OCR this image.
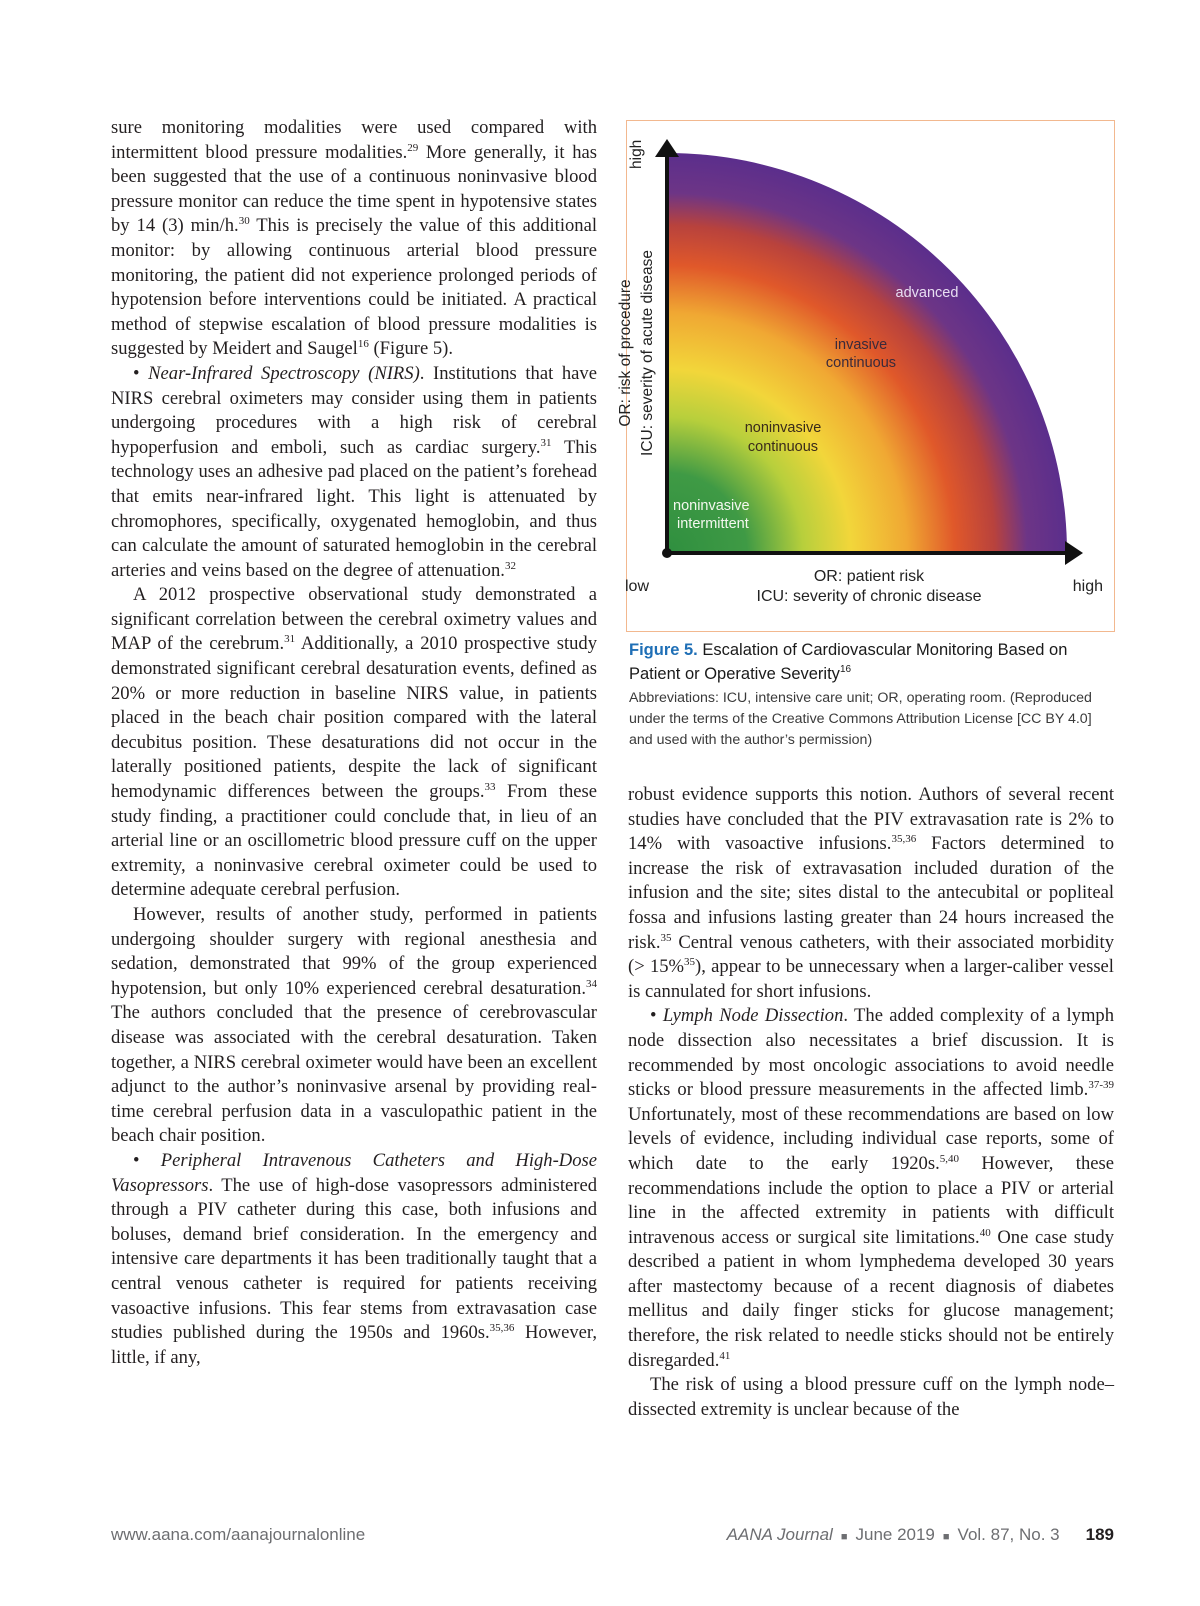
sure monitoring modalities were used compared with intermittent blood pressure modalities.$^{29}$ More generally, it has been suggested that the use of a continuous noninvasive blood pressure monitor can reduce the time spent in hypotensive states by 14 (3) min/h.$^{30}$ This is precisely the value of this additional monitor: by allowing continuous arterial blood pressure monitoring, the patient did not experience prolonged periods of hypotension before interventions could be initiated. A practical method of stepwise escalation of blood pressure modalities is suggested by Meidert and Saugel$^{16}$ (Figure 5).

• Near-Infrared Spectroscopy (NIRS). Institutions that have NIRS cerebral oximeters may consider using them in patients undergoing procedures with a high risk of cerebral hypoperfusion and emboli, such as cardiac surgery.$^{31}$ This technology uses an adhesive pad placed on the patient’s forehead that emits near-infrared light. This light is attenuated by chromophores, specifically, oxygenated hemoglobin, and thus can calculate the amount of saturated hemoglobin in the cerebral arteries and veins based on the degree of attenuation.$^{32}$

A 2012 prospective observational study demonstrated a significant correlation between the cerebral oximetry values and MAP of the cerebrum.$^{31}$ Additionally, a 2010 prospective study demonstrated significant cerebral desaturation events, defined as 20% or more reduction in baseline NIRS value, in patients placed in the beach chair position compared with the lateral decubitus position. These desaturations did not occur in the laterally positioned patients, despite the lack of significant hemodynamic differences between the groups.$^{33}$ From these study finding, a practitioner could conclude that, in lieu of an arterial line or an oscillometric blood pressure cuff on the upper extremity, a noninvasive cerebral oximeter could be used to determine adequate cerebral perfusion.

However, results of another study, performed in patients undergoing shoulder surgery with regional anesthesia and sedation, demonstrated that 99% of the group experienced hypotension, but only 10% experienced cerebral desaturation.$^{34}$ The authors concluded that the presence of cerebrovascular disease was associated with the cerebral desaturation. Taken together, a NIRS cerebral oximeter would have been an excellent adjunct to the author’s noninvasive arsenal by providing real-time cerebral perfusion data in a vasculopathic patient in the beach chair position.

• Peripheral Intravenous Catheters and High-Dose Vasopressors. The use of high-dose vasopressors administered through a PIV catheter during this case, both infusions and boluses, demand brief consideration. In the emergency and intensive care departments it has been traditionally taught that a central venous catheter is required for patients receiving vasoactive infusions. This fear stems from extravasation case studies published during the 1950s and 1960s.$^{35,36}$ However, little, if any,

high
OR: risk of procedure ICU: severity of acute disease
low	high
OR: patient risk
ICU: severity of chronic disease
advanced
invasive
continuous
noninvasive
continuous
noninvasive
intermittent
Figure 5. Escalation of Cardiovascular Monitoring Based on Patient or Operative Severity$^{16}$
Abbreviations: ICU, intensive care unit; OR, operating room. (Reproduced under the terms of the Creative Commons Attribution License [CC BY 4.0] and used with the author’s permission)

robust evidence supports this notion. Authors of several recent studies have concluded that the PIV extravasation rate is 2% to 14% with vasoactive infusions.$^{35,36}$ Factors determined to increase the risk of extravasation included duration of the infusion and the site; sites distal to the antecubital or popliteal fossa and infusions lasting greater than 24 hours increased the risk.$^{35}$ Central venous catheters, with their associated morbidity (> 15%$^{35}$), appear to be unnecessary when a larger-caliber vessel is cannulated for short infusions.

• Lymph Node Dissection. The added complexity of a lymph node dissection also necessitates a brief discussion. It is recommended by most oncologic associations to avoid needle sticks or blood pressure measurements in the affected limb.$^{37-39}$ Unfortunately, most of these recommendations are based on low levels of evidence, including individual case reports, some of which date to the early 1920s.$^{5,40}$ However, these recommendations include the option to place a PIV or arterial line in the affected extremity in patients with difficult intravenous access or surgical site limitations.$^{40}$ One case study described a patient in whom lymphedema developed 30 years after mastectomy because of a recent diagnosis of diabetes mellitus and daily finger sticks for glucose management; therefore, the risk related to needle sticks should not be entirely disregarded.$^{41}$

The risk of using a blood pressure cuff on the lymph node–dissected extremity is unclear because of the

www.aana.com/aanajournalonline	AANA Journal ■ June 2019 ■ Vol. 87, No. 3 189
